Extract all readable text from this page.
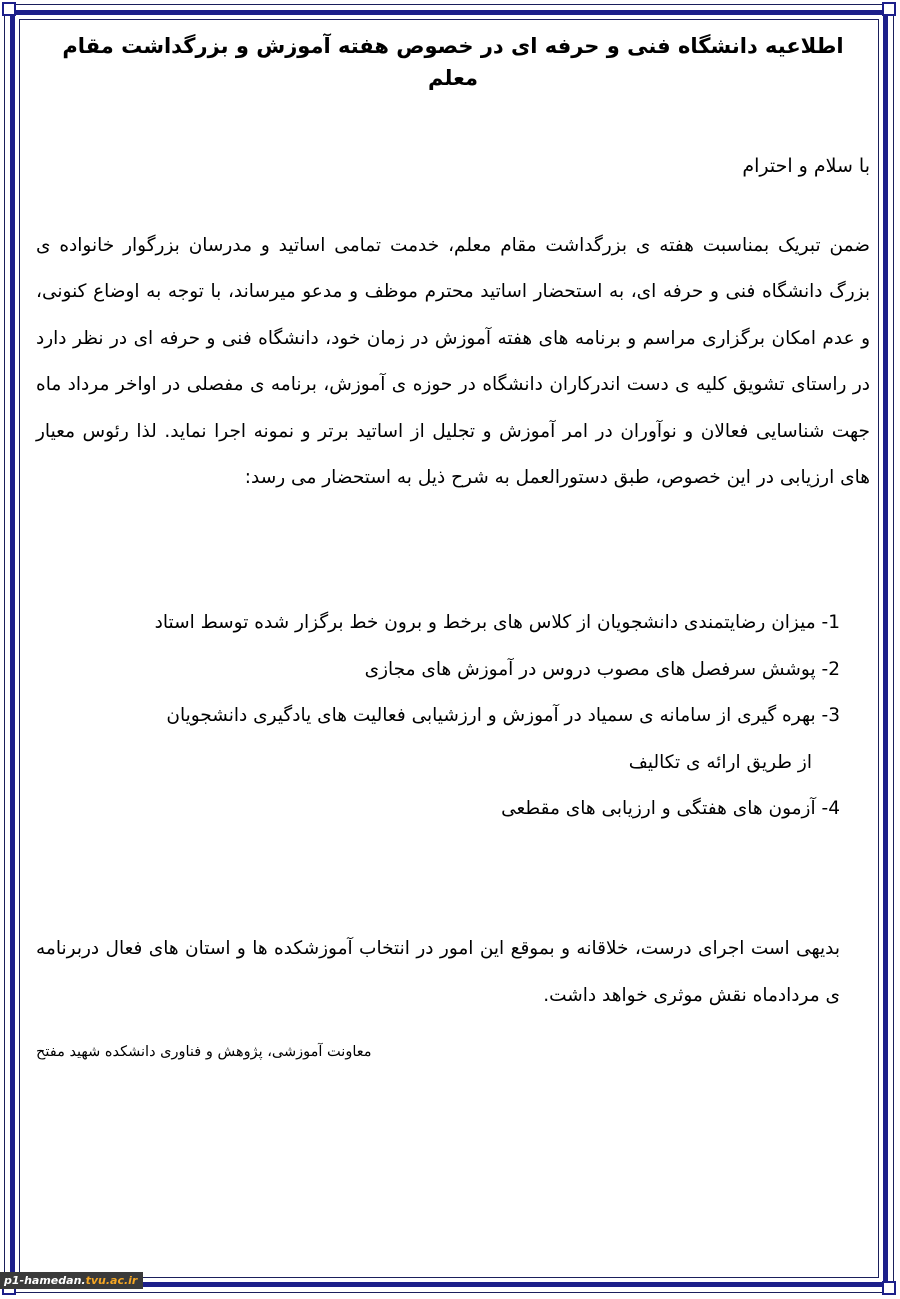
اطلاعیه دانشگاه فنی و حرفه ای در خصوص هفته آموزش و بزرگداشت مقام معلم
با سلام و احترام

ضمن تبریک بمناسبت هفته ی بزرگداشت مقام معلم، خدمت تمامی اساتید و مدرسان بزرگوار خانواده ی بزرگ دانشگاه فنی و حرفه ای، به استحضار اساتید محترم موظف و مدعو میرساند، با توجه به اوضاع کنونی، و عدم امکان برگزاری مراسم و برنامه های هفته آموزش در زمان خود، دانشگاه فنی و حرفه ای در نظر دارد در راستای تشویق کلیه ی دست اندرکاران دانشگاه در حوزه ی آموزش، برنامه ی مفصلی در اواخر مرداد ماه جهت شناسایی فعالان و نوآوران در امر آموزش و تجلیل از اساتید برتر و نمونه اجرا نماید. لذا رئوس معیار های ارزیابی در این خصوص، طبق دستورالعمل به شرح ذیل به استحضار می رسد:

1- میزان رضایتمندی دانشجویان از کلاس های برخط و برون خط برگزار شده توسط استاد
2- پوشش سرفصل های مصوب دروس در آموزش های مجازی
3- بهره گیری از سامانه ی سمیاد در آموزش و ارزشیابی فعالیت های یادگیری دانشجویان
از طریق ارائه ی تکالیف
4- آزمون های هفتگی و ارزیابی های مقطعی

بدیهی است اجرای درست، خلاقانه و بموقع این امور در انتخاب آموزشکده ها و استان های فعال دربرنامه ی مردادماه نقش موثری خواهد داشت.

معاونت آموزشی، پژوهش و فناوری دانشکده شهید مفتح
p1-hamedan.tvu.ac.ir
